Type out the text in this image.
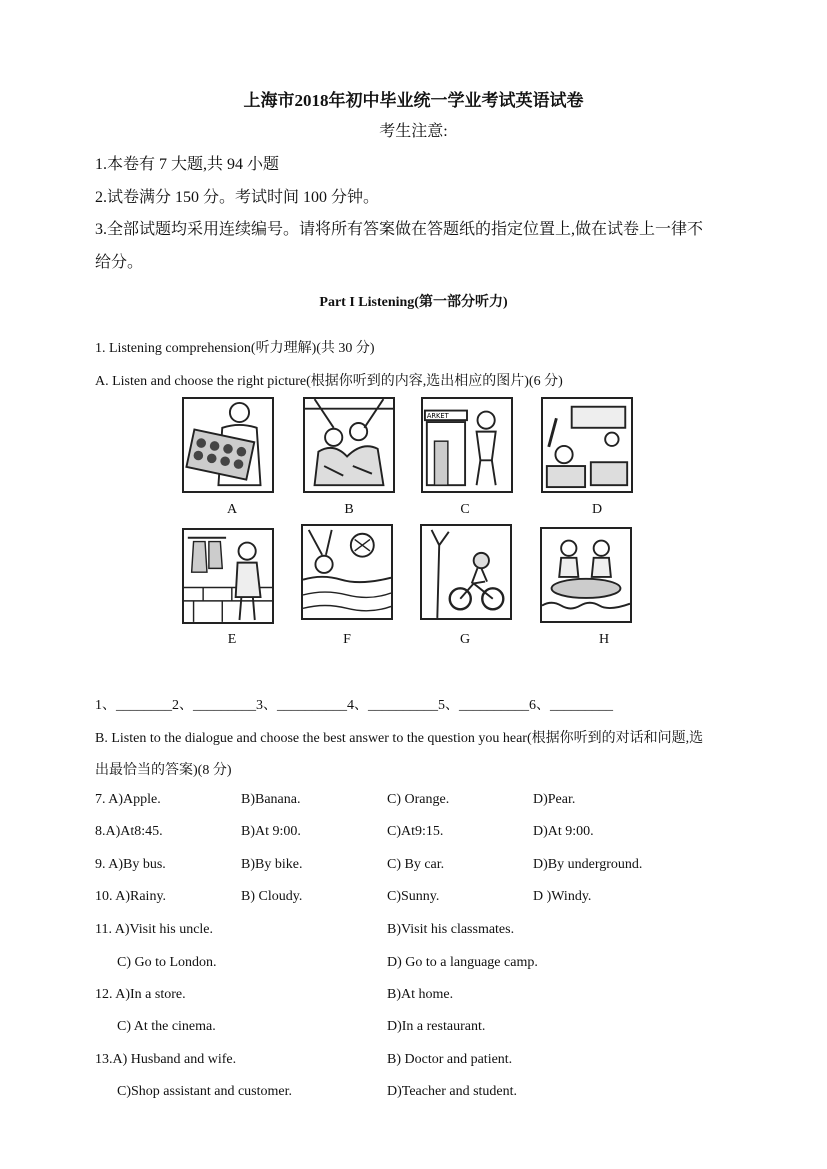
上海市2018年初中毕业统一学业考试英语试卷
考生注意:
1.本卷有 7 大题,共 94 小题
2.试卷满分 150 分。考试时间 100 分钟。
3.全部试题均采用连续编号。请将所有答案做在答题纸的指定位置上,做在试卷上一律不
给分。
Part I Listening(第一部分听力)
1. Listening comprehension(听力理解)(共 30 分)
A. Listen and choose the right picture(根据你听到的内容,选出相应的图片)(6 分)
ARKET
A	B	C	D
E	F	G	H
1、________2、_________3、__________4、__________5、__________6、_________
B. Listen to the dialogue and choose the best answer to the question you hear(根据你听到的对话和问题,选
出最恰当的答案)(8 分)
7. A)Apple.	B)Banana.	C) Orange.	D)Pear.
8.A)At8:45.	B)At 9:00.	C)At9:15.	D)At 9:00.
9. A)By bus.	B)By bike.	C) By car.	D)By underground.
10. A)Rainy.	B) Cloudy.	C)Sunny.	D )Windy.
11. A)Visit his uncle.	B)Visit his classmates.
C) Go to London.	D) Go to a language camp.
12. A)In a store.	B)At home.
C) At the cinema.	D)In a restaurant.
13.A) Husband and wife.	B) Doctor and patient.
C)Shop assistant and customer.	D)Teacher and student.
